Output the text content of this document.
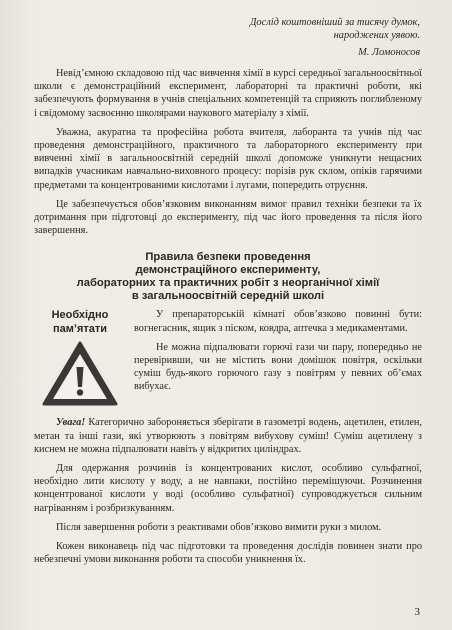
Дослід коштовніший за тисячу думок,
народжених уявою.
М. Ломоносов

Невід’ємною складовою під час вивчення хімії в курсі середньої загальноосвітньої школи є демонстраційний експеримент, лабораторні та практичні роботи, які забезпечують формування в учнів спеціальних компетенцій та сприяють поглибленому і свідомому засвоєнню школярами наукового матеріалу з хімії.

Уважна, акуратна та професійна робота вчителя, лаборанта та учнів під час проведення демонстраційного, практичного та лабораторного експерименту при вивченні хімії в загальноосвітній середній школі допоможе уникнути нещасних випадків учасникам навчально-виховного процесу: порізів рук склом, опіків гарячими предметами та концентрованими кислотами і лугами, попередить отруєння.

Це забезпечується обов’язковим виконанням вимог правил техніки безпеки та їх дотримання при підготовці до експерименту, під час його проведення та після його завершення.

Правила безпеки проведення
демонстраційного експерименту,
лабораторних та практичних робіт з неорганічної хімії
в загальноосвітній середній школі
Необхідно
пам’ятати

У препараторській кімнаті обов’язково повинні бути: вогнегасник, ящик з піском, ковдра, аптечка з медикаментами.

Не можна підпалювати горючі гази чи пару, попередньо не перевіривши, чи не містить вони домішок повітря, оскільки суміш будь-якого горючого газу з повітрям у певних об’ємах вибухає.

Увага! Категорично забороняється зберігати в газометрі водень, ацетилен, етилен, метан та інші гази, які утворюють з повітрям вибухову суміш! Суміш ацетилену з киснем не можна підпалювати навіть у відкритих циліндрах.

Для одержання розчинів із концентрованих кислот, особливо сульфатної, необхідно лити кислоту у воду, а не навпаки, постійно перемішуючи. Розчинення концентрованої кислоти у воді (особливо сульфатної) супроводжується сильним нагріванням і розбризкуванням.

Після завершення роботи з реактивами обов’язково вимити руки з милом.

Кожен виконавець під час підготовки та проведення дослідів повинен знати про небезпечні умови виконання роботи та способи уникнення їх.

3
